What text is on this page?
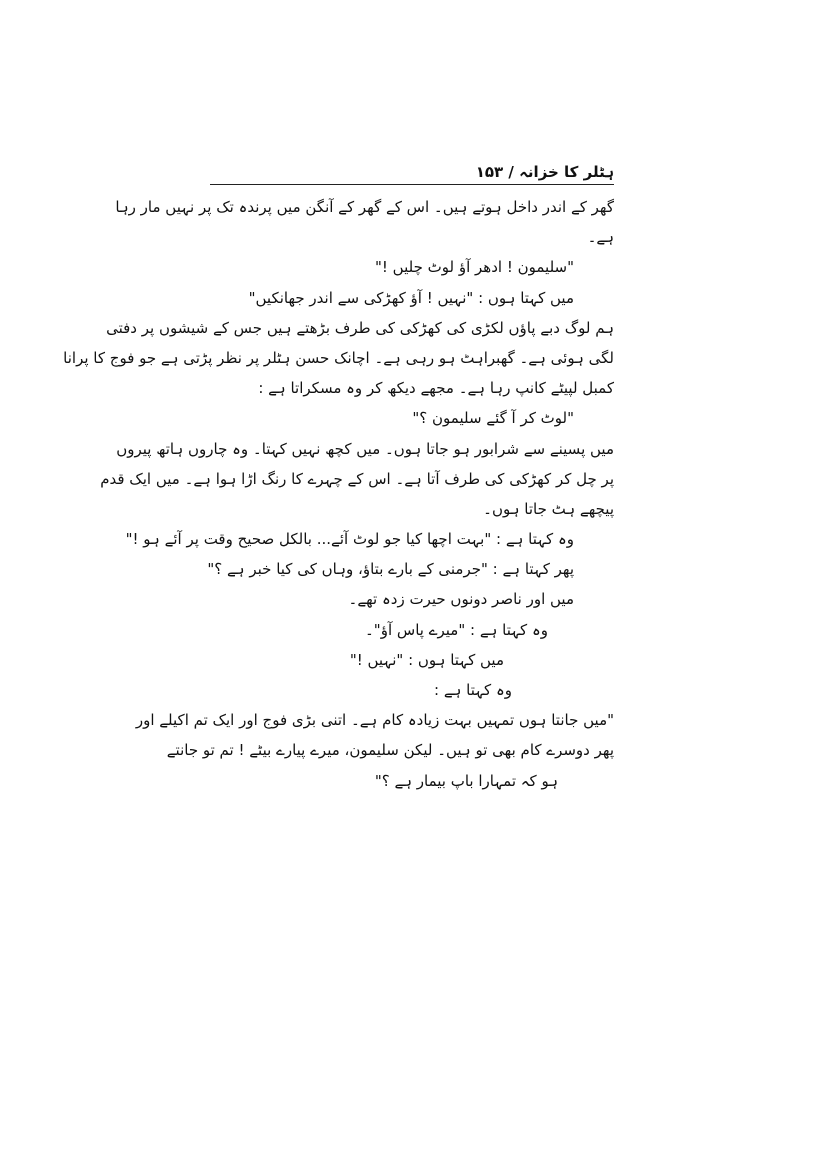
ہٹلر کا خزانہ / ۱۵۳
گھر کے اندر داخل ہوتے ہیں۔ اس کے گھر کے آنگن میں پرندہ تک پر نہیں مار رہا
ہے۔
"سلیمون ! ادھر آؤ لوٹ چلیں !"
میں کہتا ہوں : "نہیں ! آؤ کھڑکی سے اندر جھانکیں"
ہم لوگ دبے پاؤں لکڑی کی کھڑکی کی طرف بڑھتے ہیں جس کے شیشوں پر دفتی
لگی ہوئی ہے۔ گھبراہٹ ہو رہی ہے۔ اچانک حسن ہٹلر پر نظر پڑتی ہے جو فوج کا پرانا
کمبل لپیٹے کانپ رہا ہے۔ مجھے دیکھ کر وہ مسکراتا ہے :
"لوٹ کر آ گئے سلیمون ؟"
میں پسینے سے شرابور ہو جاتا ہوں۔ میں کچھ نہیں کہتا۔ وہ چاروں ہاتھ پیروں
پر چل کر کھڑکی کی طرف آتا ہے۔ اس کے چہرے کا رنگ اڑا ہوا ہے۔ میں ایک قدم
پیچھے ہٹ جاتا ہوں۔
وہ کہتا ہے : "بہت اچھا کیا جو لوٹ آئے... بالکل صحیح وقت پر آئے ہو !"
پھر کہتا ہے : "جرمنی کے بارے بتاؤ، وہاں کی کیا خبر ہے ؟"
میں اور ناصر دونوں حیرت زدہ تھے۔
وہ کہتا ہے : "میرے پاس آؤ"۔
میں کہتا ہوں : "نہیں !"
وہ کہتا ہے :
"میں جانتا ہوں تمہیں بہت زیادہ کام ہے۔ اتنی بڑی فوج اور ایک تم اکیلے اور
پھر دوسرے کام بھی تو ہیں۔ لیکن سلیمون، میرے پیارے بیٹے ! تم تو جانتے
ہو کہ تمہارا باپ بیمار ہے ؟"
